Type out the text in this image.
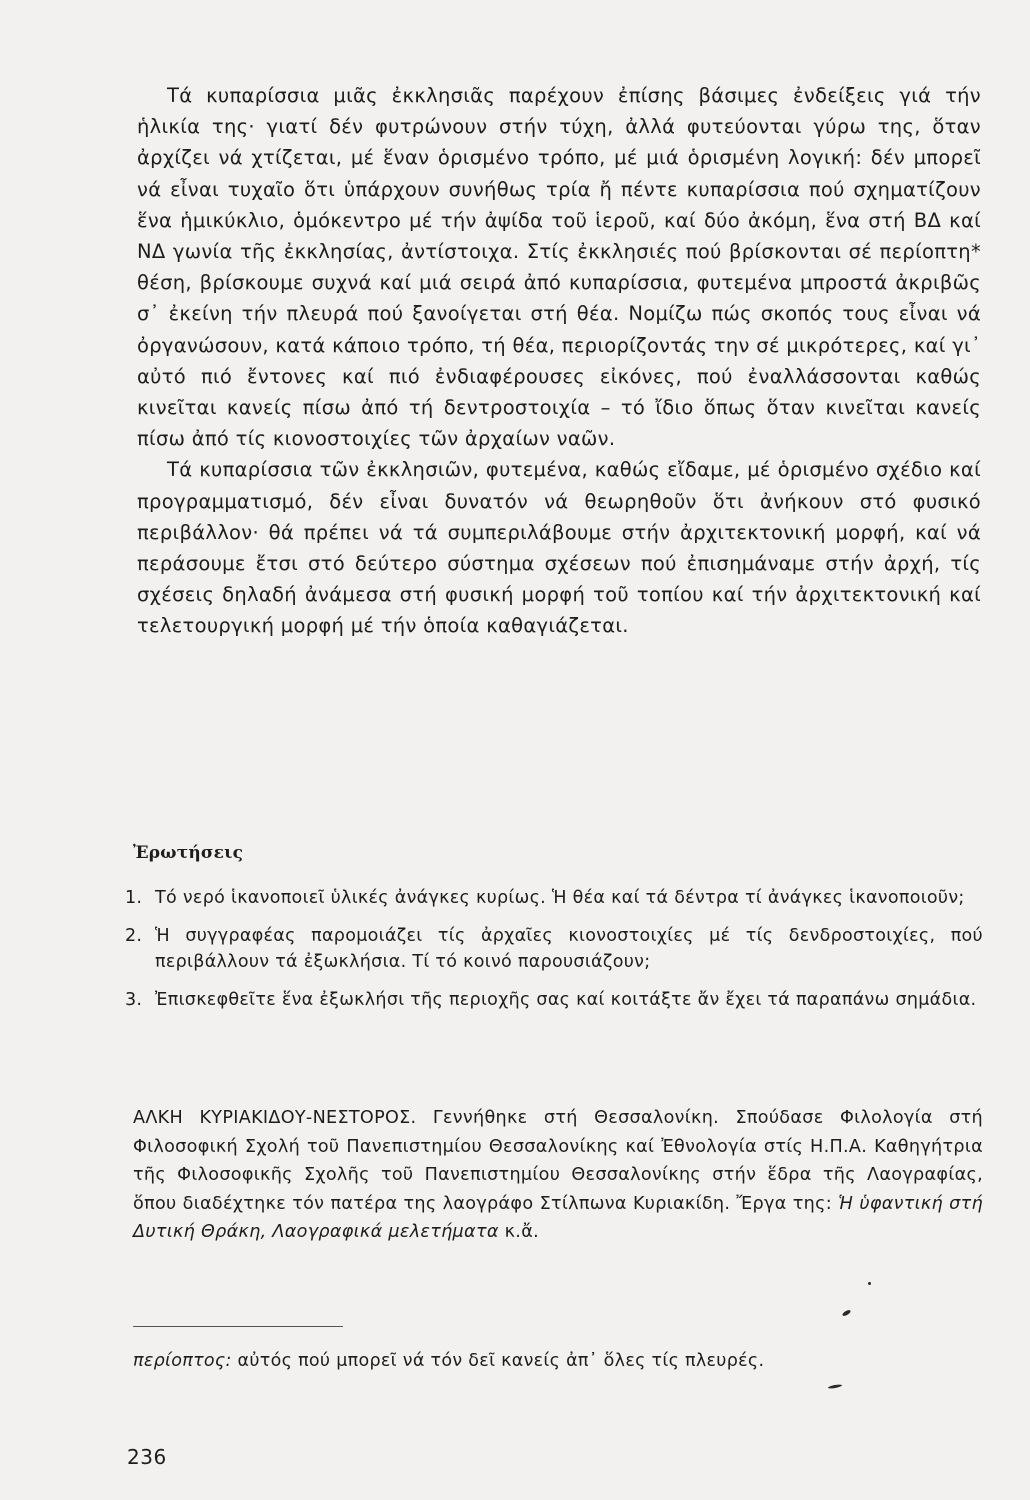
Τά κυπαρίσσια μιᾶς ἐκκλησιᾶς παρέχουν ἐπίσης βάσιμες ἐνδείξεις γιά τήν ἡλικία της· γιατί δέν φυτρώνουν στήν τύχη, ἀλλά φυτεύονται γύρω της, ὅταν ἀρχίζει νά χτίζεται, μέ ἕναν ὁρισμένο τρόπο, μέ μιά ὁρισμένη λογική: δέν μπορεῖ νά εἶναι τυχαῖο ὅτι ὑπάρχουν συνήθως τρία ἤ πέντε κυπαρίσσια πού σχηματίζουν ἕνα ἡμικύκλιο, ὁμόκεντρο μέ τήν ἀψίδα τοῦ ἱεροῦ, καί δύο ἀκόμη, ἕνα στή ΒΔ καί ΝΔ γωνία τῆς ἐκκλησίας, ἀντίστοιχα. Στίς ἐκκλησιές πού βρίσκονται σέ περίοπτη* θέση, βρίσκουμε συχνά καί μιά σειρά ἀπό κυπαρίσσια, φυτεμένα μπροστά ἀκριβῶς σ᾽ ἐκείνη τήν πλευρά πού ξανοίγεται στή θέα. Νομίζω πώς σκοπός τους εἶναι νά ὀργανώσουν, κατά κάποιο τρόπο, τή θέα, περιορίζοντάς την σέ μικρότερες, καί γι᾽ αὐτό πιό ἔντονες καί πιό ἐνδιαφέρουσες εἰκόνες, πού ἐναλλάσσονται καθώς κινεῖται κανείς πίσω ἀπό τή δεντροστοιχία – τό ἴδιο ὅπως ὅταν κινεῖται κανείς πίσω ἀπό τίς κιονοστοιχίες τῶν ἀρχαίων ναῶν.

Τά κυπαρίσσια τῶν ἐκκλησιῶν, φυτεμένα, καθώς εἴδαμε, μέ ὁρισμένο σχέδιο καί προγραμματισμό, δέν εἶναι δυνατόν νά θεωρηθοῦν ὅτι ἀνήκουν στό φυσικό περιβάλλον· θά πρέπει νά τά συμπεριλάβουμε στήν ἀρχιτεκτονική μορφή, καί νά περάσουμε ἔτσι στό δεύτερο σύστημα σχέσεων πού ἐπισημάναμε στήν ἀρχή, τίς σχέσεις δηλαδή ἀνάμεσα στή φυσική μορφή τοῦ τοπίου καί τήν ἀρχιτεκτονική καί τελετουργική μορφή μέ τήν ὁποία καθαγιάζεται.

Ἐρωτήσεις
1. Τό νερό ἱκανοποιεῖ ὑλικές ἀνάγκες κυρίως. Ἡ θέα καί τά δέντρα τί ἀνάγκες ἱκανοποιοῦν;
2. Ἡ συγγραφέας παρομοιάζει τίς ἀρχαῖες κιονοστοιχίες μέ τίς δενδροστοιχίες, πού περιβάλλουν τά ἐξωκλήσια. Τί τό κοινό παρουσιάζουν;
3. Ἐπισκεφθεῖτε ἕνα ἐξωκλήσι τῆς περιοχῆς σας καί κοιτάξτε ἄν ἔχει τά παραπάνω σημάδια.

ΑΛΚΗ ΚΥΡΙΑΚΙΔΟΥ-ΝΕΣΤΟΡΟΣ. Γεννήθηκε στή Θεσσαλονίκη. Σπούδασε Φιλολογία στή Φιλοσοφική Σχολή τοῦ Πανεπιστημίου Θεσσαλονίκης καί Ἐθνολογία στίς Η.Π.Α. Καθηγήτρια τῆς Φιλοσοφικῆς Σχολῆς τοῦ Πανεπιστημίου Θεσσαλονίκης στήν ἕδρα τῆς Λαογραφίας, ὅπου διαδέχτηκε τόν πατέρα της λαογράφο Στίλπωνα Κυριακίδη. Ἔργα της: Ἡ ὑφαντική στή Δυτική Θράκη, Λαογραφικά μελετήματα κ.ἄ.

περίοπτος: αὐτός πού μπορεῖ νά τόν δεῖ κανείς ἀπ᾽ ὅλες τίς πλευρές.

236
